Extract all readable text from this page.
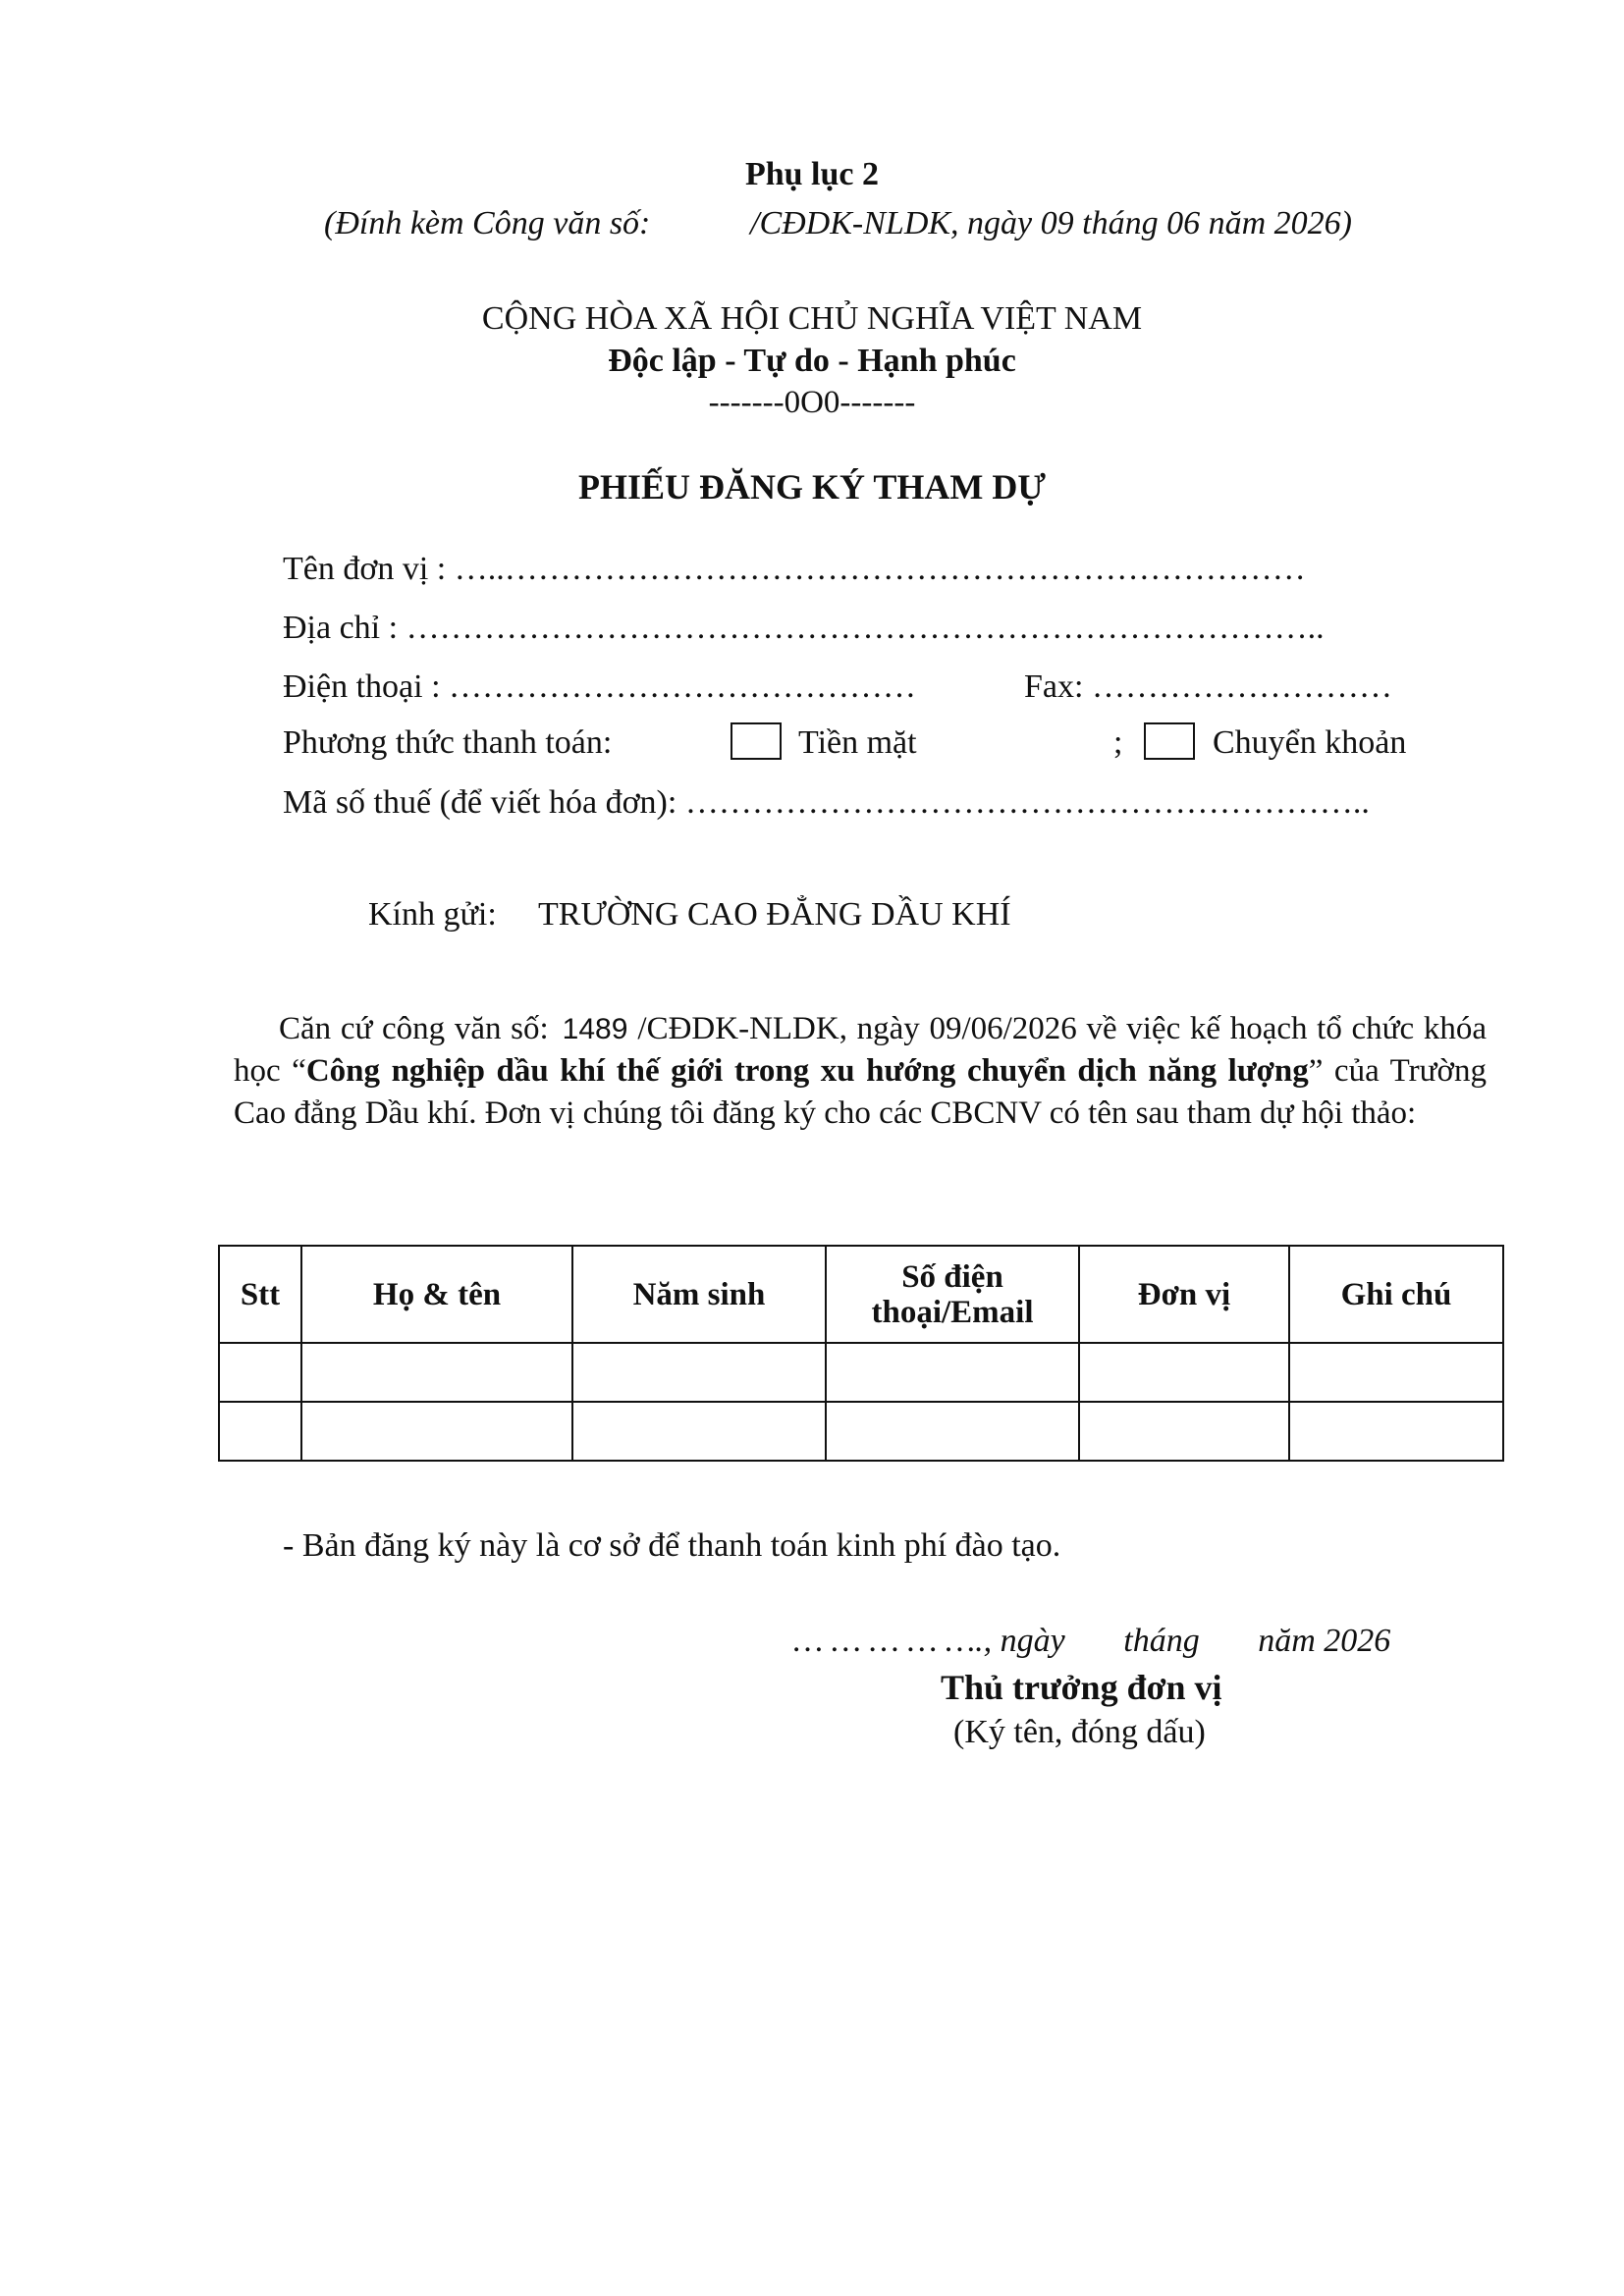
Phụ lục 2
(Đính kèm Công văn số:	/CĐDK-NLDK, ngày 09 tháng 06 năm 2026)
CỘNG HÒA XÃ HỘI CHỦ NGHĨA VIỆT NAM
Độc lập - Tự do - Hạnh phúc
-------0O0-------
PHIẾU ĐĂNG KÝ THAM DỰ
Tên đơn vị : …..………………………………………………………………
Địa chỉ : ………………………………………………………………………..
Điện thoại : ……………………………………	Fax: ………………………
Phương thức thanh toán:	Tiền mặt	;	Chuyển khoản
Mã số thuế (để viết hóa đơn): ……………………………………………………..
Kính gửi: TRƯỜNG CAO ĐẲNG DẦU KHÍ
Căn cứ công văn số: 1489 /CĐDK-NLDK, ngày 09/06/2026 về việc kế hoạch tổ chức khóa học “Công nghiệp dầu khí thế giới trong xu hướng chuyển dịch năng lượng” của Trường Cao đẳng Dầu khí. Đơn vị chúng tôi đăng ký cho các CBCNV có tên sau tham dự hội thảo:
Stt	Họ & tên	Năm sinh	Số điện thoại/Email	Đơn vị	Ghi chú

- Bản đăng ký này là cơ sở để thanh toán kinh phí đào tạo.
… … … … …., ngày       tháng       năm 2026
Thủ trưởng đơn vị
(Ký tên, đóng dấu)
